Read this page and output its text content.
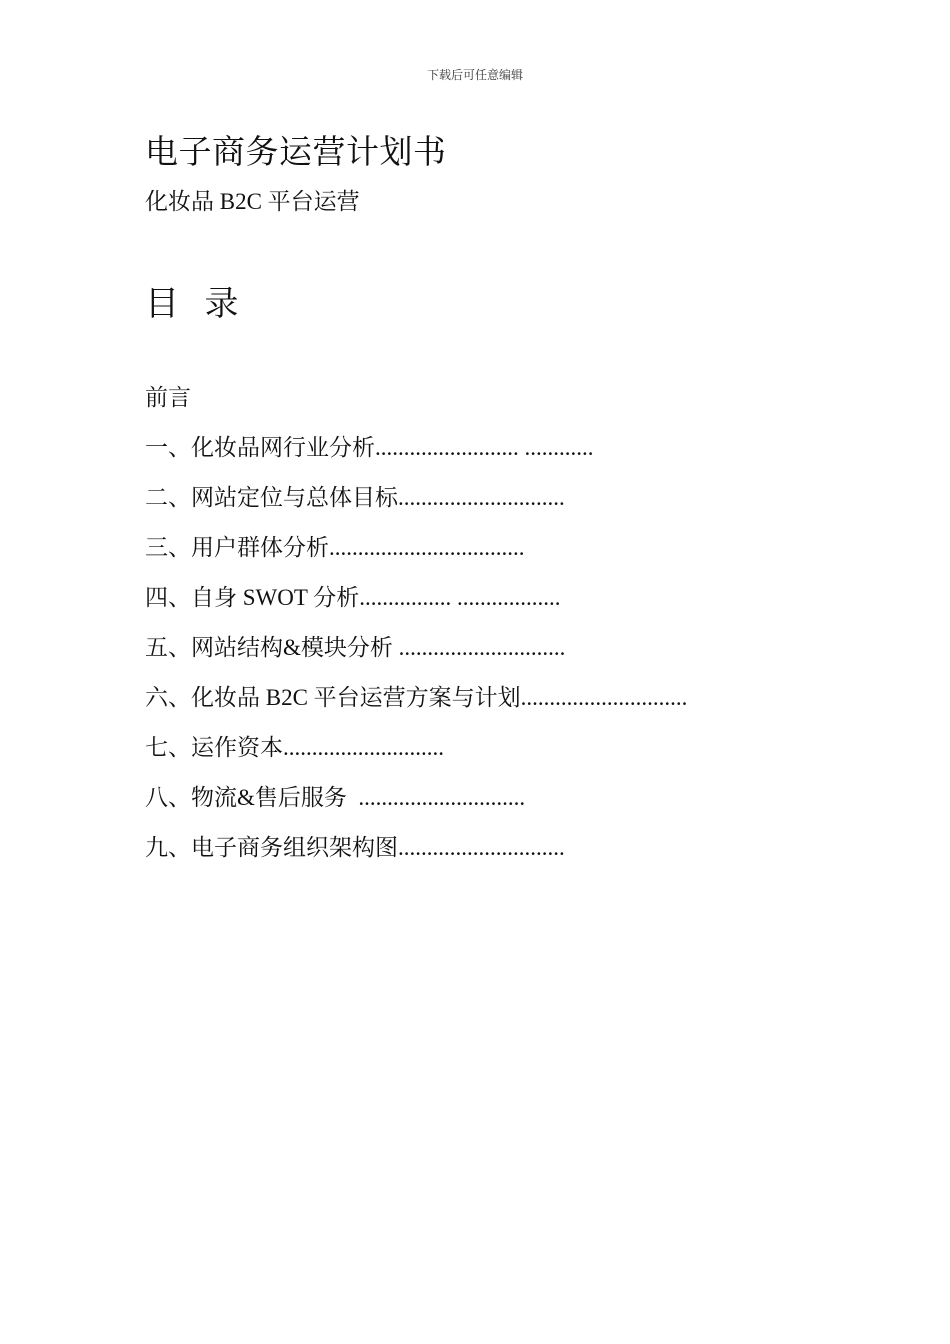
下载后可任意编辑
电子商务运营计划书
化妆品 B2C 平台运营
目   录
前言
一、化妆品网行业分析......................... ............
二、网站定位与总体目标.............................
三、用户群体分析..................................
四、自身 SWOT 分析................ ..................
五、网站结构&模块分析 .............................
六、化妆品 B2C 平台运营方案与计划.............................
七、运作资本............................
八、物流&售后服务  .............................
九、电子商务组织架构图.............................
